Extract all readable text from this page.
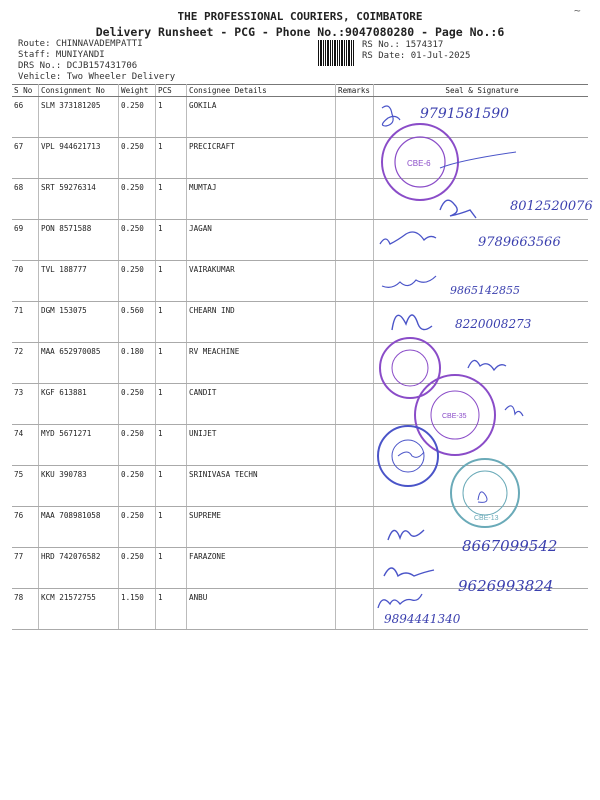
THE PROFESSIONAL COURIERS, COIMBATORE
Delivery Runsheet - PCG - Phone No.:9047080280 - Page No.:6
~
Route: CHINNAVADEMPATTI
Staff: MUNIYANDI
DRS No.: DCJB157431706
Vehicle: Two Wheeler Delivery
RS No.: 1574317
RS Date: 01-Jul-2025
S No	Consignment No	Weight	PCS	Consignee Details	Remarks	Seal & Signature
66	SLM 373181205	0.250	1	GOKILA		
67	VPL 944621713	0.250	1	PRECICRAFT		
68	SRT 59276314	0.250	1	MUMTAJ		
69	PON 8571588	0.250	1	JAGAN		
70	TVL 188777	0.250	1	VAIRAKUMAR		
71	DGM 153075	0.560	1	CHEARN IND		
72	MAA 652970085	0.180	1	RV MEACHINE		
73	KGF 613881	0.250	1	CANDIT		
74	MYD 5671271	0.250	1	UNIJET		
75	KKU 390783	0.250	1	SRINIVASA TECHN		
76	MAA 708981058	0.250	1	SUPREME		
77	HRD 742076582	0.250	1	FARAZONE		
78	KCM 21572755	1.150	1	ANBU		
9791581590
CBE-6
8012520076
9789663566
9865142855
8220008273
CBE-35
CBE-13
8667099542
9626993824
9894441340
